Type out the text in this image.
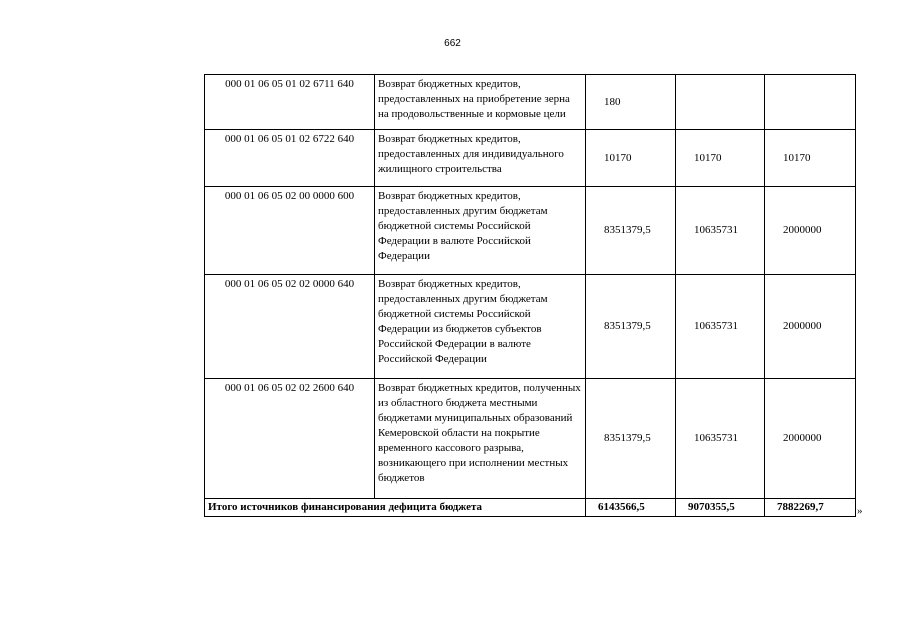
662
000 01 06 05 01 02 6711 640	Возврат бюджетных кредитов, предоставленных на приобретение зерна на продовольственные и кормовые цели	180		
000 01 06 05 01 02 6722 640	Возврат бюджетных кредитов, предоставленных для индивидуального жилищного строительства	10170	10170	10170
000 01 06 05 02 00 0000 600	Возврат бюджетных кредитов, предоставленных другим бюджетам бюджетной системы Российской Федерации в валюте Российской Федерации	8351379,5	10635731	2000000
000 01 06 05 02 02 0000 640	Возврат бюджетных кредитов, предоставленных другим бюджетам бюджетной системы Российской Федерации из бюджетов субъектов Российской Федерации в валюте Российской Федерации	8351379,5	10635731	2000000
000 01 06 05 02 02 2600 640	Возврат бюджетных кредитов, полученных из областного бюджета местными бюджетами муниципальных образований Кемеровской области на покрытие временного кассового разрыва, возникающего при исполнении местных бюджетов	8351379,5	10635731	2000000
Итого источников финансирования дефицита бюджета		6143566,5	9070355,5	7882269,7	»
